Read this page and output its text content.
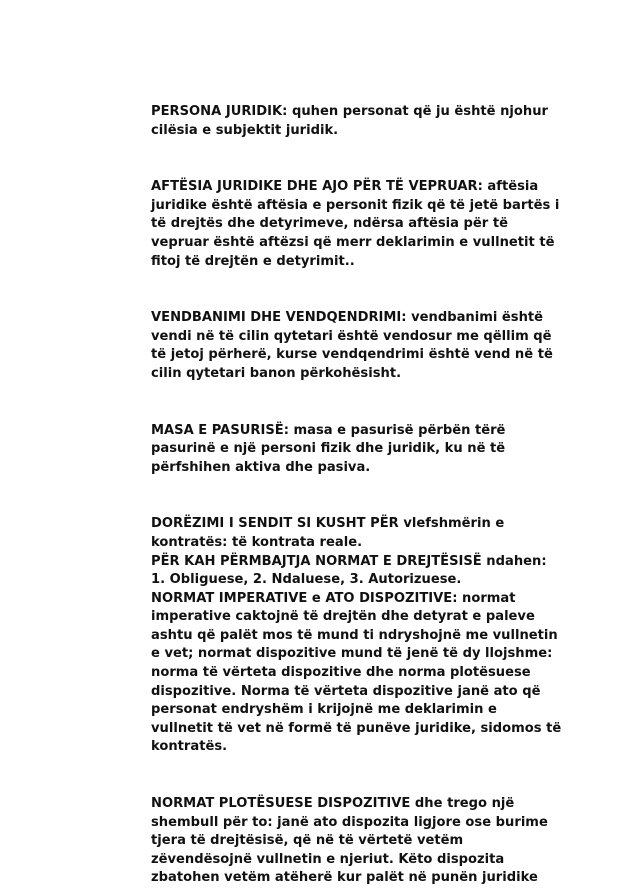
PERSONA JURIDIK: quhen personat që ju është njohur
cilësia e subjektit juridik.

AFTËSIA JURIDIKE DHE AJO PËR TË VEPRUAR: aftësia
juridike është aftësia e personit fizik që të jetë bartës i
të drejtës dhe detyrimeve, ndërsa aftësia për të
vepruar është aftëzsi që merr deklarimin e vullnetit të
fitoj të drejtën e detyrimit..

VENDBANIMI DHE VENDQENDRIMI: vendbanimi është
vendi në të cilin qytetari është vendosur me qëllim që
të jetoj përherë, kurse vendqendrimi është vend në të
cilin qytetari banon përkohësisht.

MASA E PASURISË: masa e pasurisë përbën tërë
pasurinë e një personi fizik dhe juridik, ku në të
përfshihen aktiva dhe pasiva.

DORËZIMI I SENDIT SI KUSHT PËR vlefshmërin e
kontratës: të kontrata reale.
PËR KAH PËRMBAJTJA NORMAT E DREJTËSISË ndahen:
1. Obliguese, 2. Ndaluese, 3. Autorizuese.
NORMAT IMPERATIVE e ATO DISPOZITIVE: normat
imperative caktojnë të drejtën dhe detyrat e paleve
ashtu që palët mos të mund ti ndryshojnë me vullnetin
e vet; normat dispozitive mund të jenë të dy llojshme:
norma të vërteta dispozitive dhe norma plotësuese
dispozitive. Norma të vërteta dispozitive janë ato që
personat endryshëm i krijojnë me deklarimin e
vullnetit të vet në formë të punëve juridike, sidomos të
kontratës.

NORMAT PLOTËSUESE DISPOZITIVE dhe trego një
shembull për to: janë ato dispozita ligjore ose burime
tjera të drejtësisë, që në të vërtetë vetëm
zëvendësojnë vullnetin e njeriut. Këto dispozita
zbatohen vetëm atëherë kur palët në punën juridike
